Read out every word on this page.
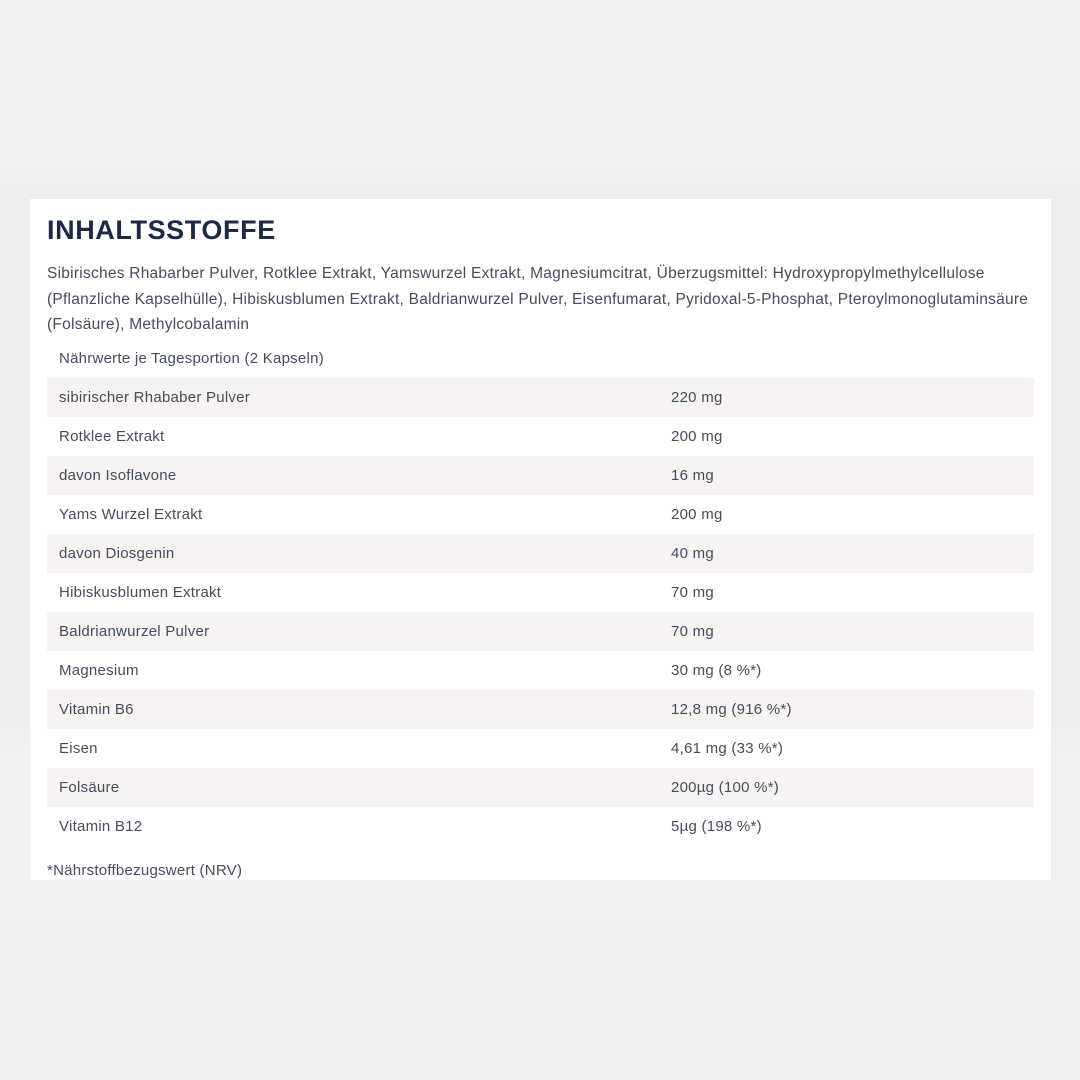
INHALTSSTOFFE

Sibirisches Rhabarber Pulver, Rotklee Extrakt, Yamswurzel Extrakt, Magnesiumcitrat, Überzugsmittel: Hydroxypropylmethylcellulose (Pflanzliche Kapselhülle), Hibiskusblumen Extrakt, Baldrianwurzel Pulver, Eisenfumarat, Pyridoxal-5-Phosphat, Pteroylmonoglutaminsäure (Folsäure), Methylcobalamin

Nährwerte je Tagesportion (2 Kapseln)
sibirischer Rhababer Pulver	220 mg
Rotklee Extrakt	200 mg
davon Isoflavone	16 mg
Yams Wurzel Extrakt	200 mg
davon Diosgenin	40 mg
Hibiskusblumen Extrakt	70 mg
Baldrianwurzel Pulver	70 mg
Magnesium	30 mg (8 %*)
Vitamin B6	12,8 mg (916 %*)
Eisen	4,61 mg (33 %*)
Folsäure	200µg (100 %*)
Vitamin B12	5µg (198 %*)
*Nährstoffbezugswert (NRV)
